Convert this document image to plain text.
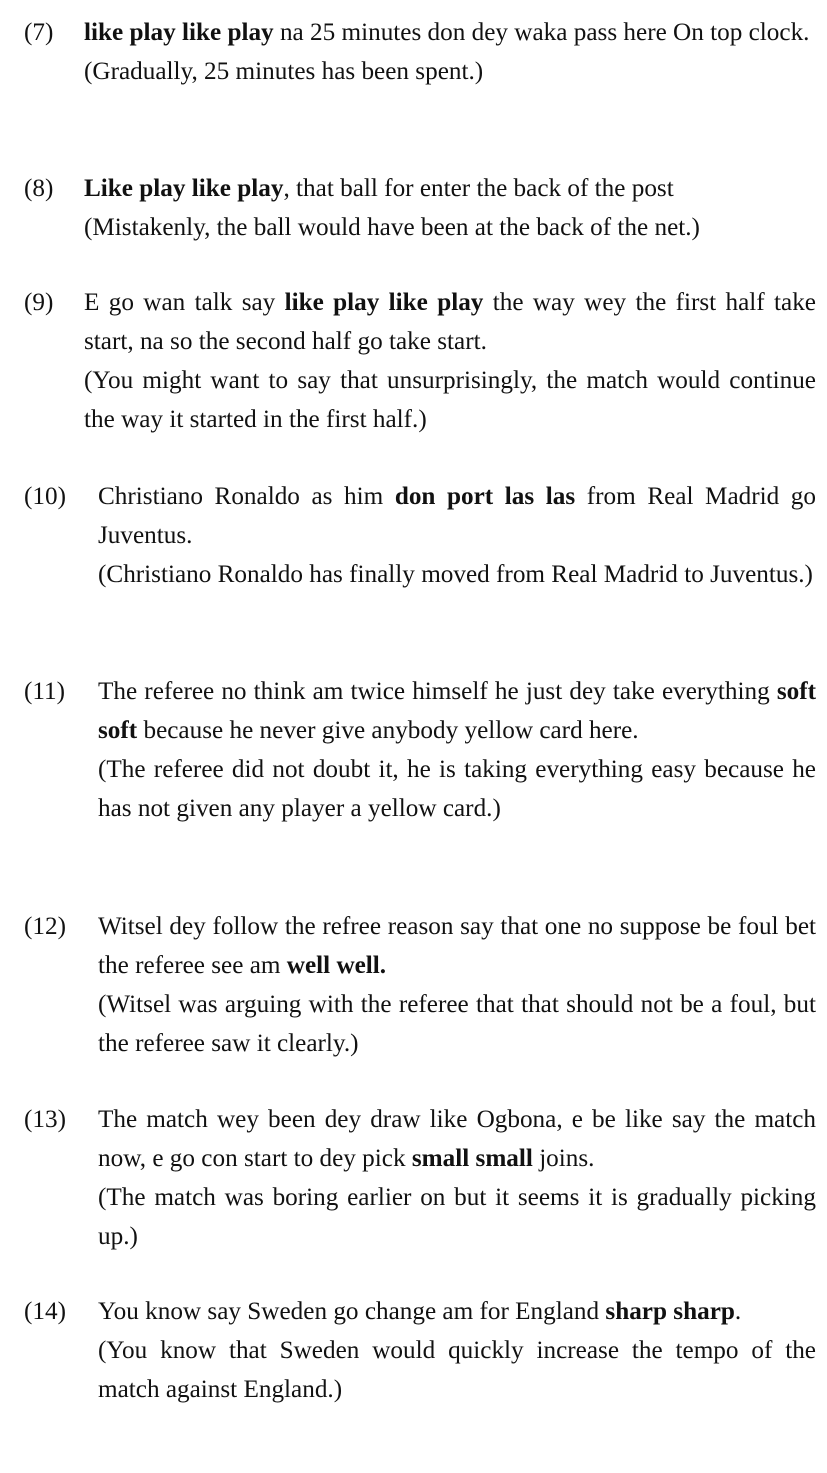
(7) like play like play na 25 minutes don dey waka pass here On top clock.
(Gradually, 25 minutes has been spent.)
(8) Like play like play, that ball for enter the back of the post
(Mistakenly, the ball would have been at the back of the net.)
(9) E go wan talk say like play like play the way wey the first half take start, na so the second half go take start.
(You might want to say that unsurprisingly, the match would continue the way it started in the first half.)
(10) Christiano Ronaldo as him don port las las from Real Madrid go Juventus.
(Christiano Ronaldo has finally moved from Real Madrid to Juventus.)
(11) The referee no think am twice himself he just dey take everything soft soft because he never give anybody yellow card here.
(The referee did not doubt it, he is taking everything easy because he has not given any player a yellow card.)
(12) Witsel dey follow the refree reason say that one no suppose be foul bet the referee see am well well.
(Witsel was arguing with the referee that that should not be a foul, but the referee saw it clearly.)
(13) The match wey been dey draw like Ogbona, e be like say the match now, e go con start to dey pick small small joins.
(The match was boring earlier on but it seems it is gradually picking up.)
(14) You know say Sweden go change am for England sharp sharp.
(You know that Sweden would quickly increase the tempo of the match against England.)
